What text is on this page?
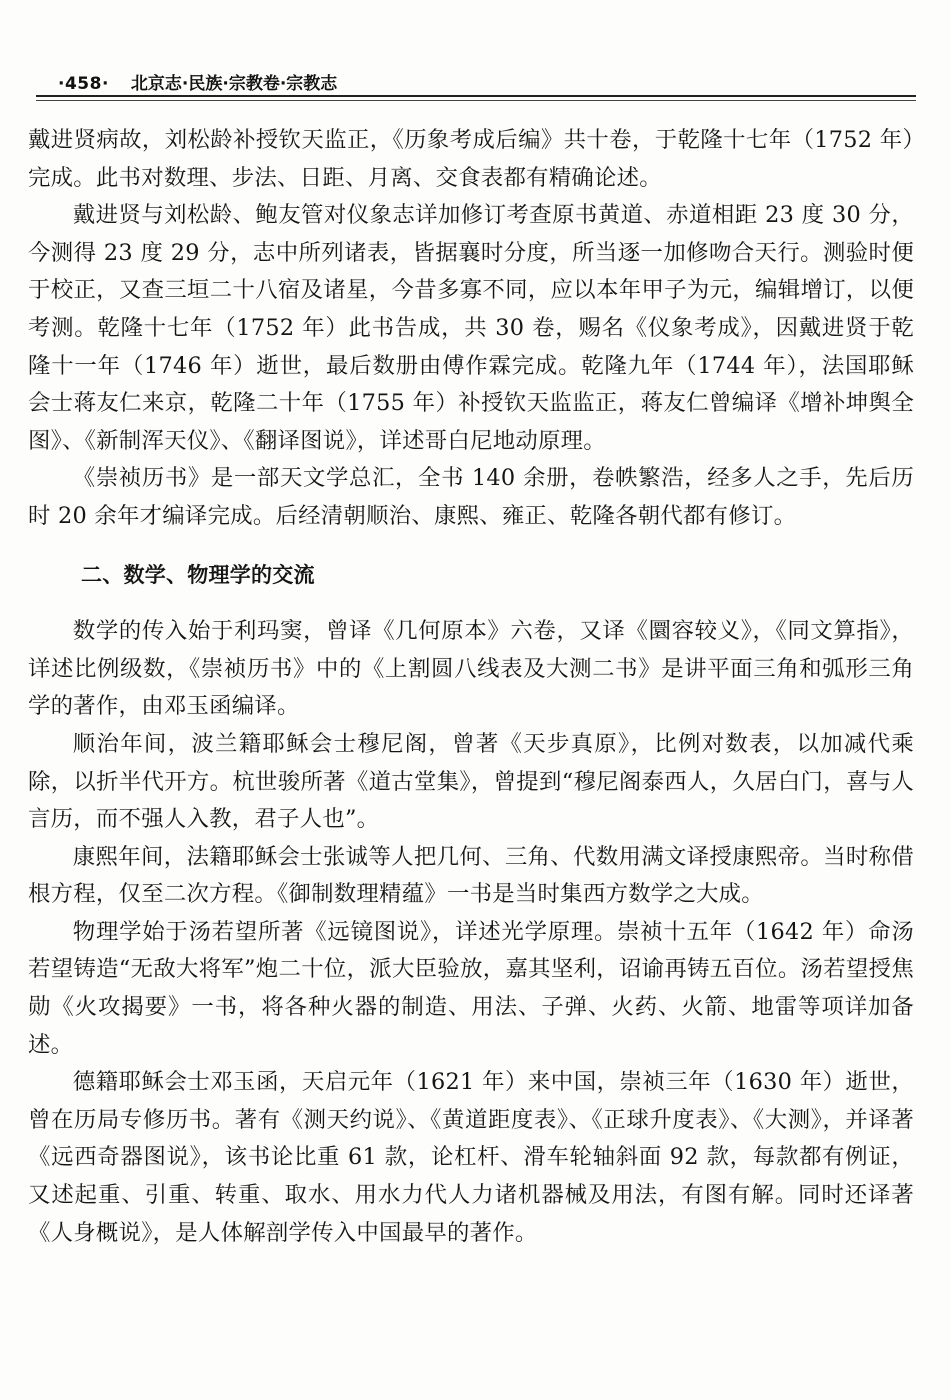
·458· 北京志·民族·宗教卷·宗教志

戴进贤病故，刘松龄补授钦天监正，《历象考成后编》共十卷，于乾隆十七年（1752 年）完成。此书对数理、步法、日距、月离、交食表都有精确论述。

戴进贤与刘松龄、鲍友管对仪象志详加修订考查原书黄道、赤道相距 23 度 30 分，今测得 23 度 29 分，志中所列诸表，皆据襄时分度，所当逐一加修吻合天行。测验时便于校正，又查三垣二十八宿及诸星，今昔多寡不同，应以本年甲子为元，编辑增订，以便考测。乾隆十七年（1752 年）此书告成，共 30 卷，赐名《仪象考成》，因戴进贤于乾隆十一年（1746 年）逝世，最后数册由傅作霖完成。乾隆九年（1744 年），法国耶稣会士蒋友仁来京，乾隆二十年（1755 年）补授钦天监监正，蒋友仁曾编译《增补坤舆全图》、《新制浑天仪》、《翻译图说》，详述哥白尼地动原理。

《崇祯历书》是一部天文学总汇，全书 140 余册，卷帙繁浩，经多人之手，先后历时 20 余年才编译完成。后经清朝顺治、康熙、雍正、乾隆各朝代都有修订。

二、数学、物理学的交流

数学的传入始于利玛窦，曾译《几何原本》六卷，又译《圜容较义》，《同文算指》，详述比例级数，《崇祯历书》中的《上割圆八线表及大测二书》是讲平面三角和弧形三角学的著作，由邓玉函编译。

顺治年间，波兰籍耶稣会士穆尼阁，曾著《天步真原》，比例对数表，以加减代乘除，以折半代开方。杭世骏所著《道古堂集》，曾提到“穆尼阁泰西人，久居白门，喜与人言历，而不强人入教，君子人也”。

康熙年间，法籍耶稣会士张诚等人把几何、三角、代数用满文译授康熙帝。当时称借根方程，仅至二次方程。《御制数理精蕴》一书是当时集西方数学之大成。

物理学始于汤若望所著《远镜图说》，详述光学原理。崇祯十五年（1642 年）命汤若望铸造“无敌大将军”炮二十位，派大臣验放，嘉其坚利，诏谕再铸五百位。汤若望授焦勋《火攻揭要》一书，将各种火器的制造、用法、子弹、火药、火箭、地雷等项详加备述。

德籍耶稣会士邓玉函，天启元年（1621 年）来中国，崇祯三年（1630 年）逝世，曾在历局专修历书。著有《测天约说》、《黄道距度表》、《正球升度表》、《大测》，并译著《远西奇器图说》，该书论比重 61 款，论杠杆、滑车轮轴斜面 92 款，每款都有例证，又述起重、引重、转重、取水、用水力代人力诸机器械及用法，有图有解。同时还译著《人身概说》，是人体解剖学传入中国最早的著作。
